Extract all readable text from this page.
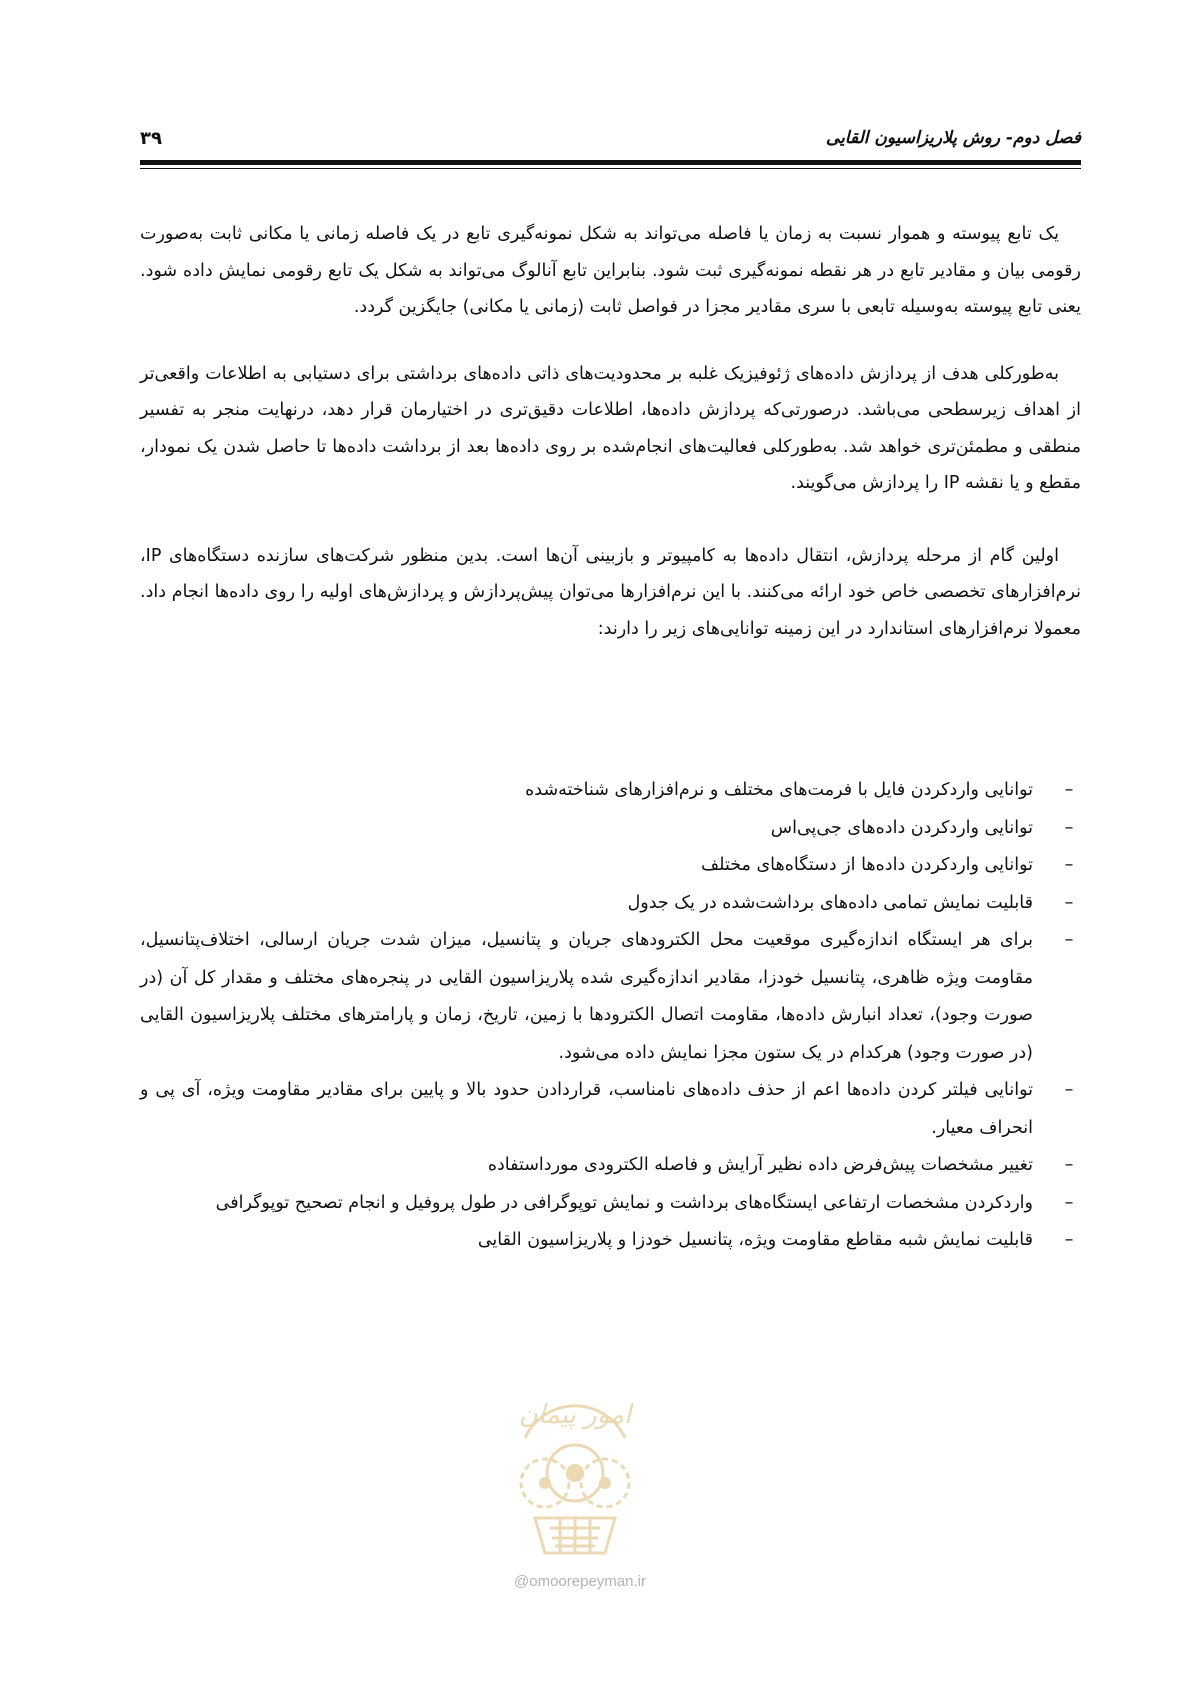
فصل دوم- روش پلاریزاسیون القایی
۳۹

یک تابع پیوسته و هموار نسبت به زمان یا فاصله می‌تواند به شکل نمونه‌گیری تابع در یک فاصله زمانی یا مکانی ثابت به‌صورت رقومی بیان و مقادیر تابع در هر نقطه نمونه‌گیری ثبت شود. بنابراین تابع آنالوگ می‌تواند به شکل یک تابع رقومی نمایش داده شود. یعنی تابع پیوسته به‌وسیله تابعی با سری مقادیر مجزا در فواصل ثابت (زمانی یا مکانی) جایگزین گردد.

به‌طورکلی هدف از پردازش داده‌های ژئوفیزیک غلبه بر محدودیت‌های ذاتی داده‌های برداشتی برای دستیابی به اطلاعات واقعی‌تر از اهداف زیرسطحی می‌باشد. درصورتی‌که پردازش داده‌ها، اطلاعات دقیق‌تری در اختیارمان قرار دهد، درنهایت منجر به تفسیر منطقی و مطمئن‌تری خواهد شد. به‌طورکلی فعالیت‌های انجام‌شده بر روی داده‌ها بعد از برداشت داده‌ها تا حاصل شدن یک نمودار، مقطع و یا نقشه IP را پردازش می‌گویند.

اولین گام از مرحله پردازش، انتقال داده‌ها به کامپیوتر و بازبینی آن‌ها است. بدین منظور شرکت‌های سازنده دستگاه‌های IP، نرم‌افزارهای تخصصی خاص خود ارائه می‌کنند. با این نرم‌افزارها می‌توان پیش‌پردازش و پردازش‌های اولیه را روی داده‌ها انجام داد. معمولا نرم‌افزارهای استاندارد در این زمینه توانایی‌های زیر را دارند:

–
توانایی واردکردن فایل با فرمت‌های مختلف و نرم‌افزارهای شناخته‌شده
–
توانایی واردکردن داده‌های جی‌پی‌اس
–
توانایی واردکردن داده‌ها از دستگاه‌های مختلف
–
قابلیت نمایش تمامی داده‌های برداشت‌شده در یک جدول
–
برای هر ایستگاه اندازه‌گیری موقعیت محل الکترودهای جریان و پتانسیل، میزان شدت جریان ارسالی، اختلاف‌پتانسیل، مقاومت ویژه ظاهری، پتانسیل خودزا، مقادیر اندازه‌گیری شده پلاریزاسیون القایی در پنجره‌های مختلف و مقدار کل آن (در صورت وجود)، تعداد انبارش داده‌ها، مقاومت اتصال الکترودها با زمین، تاریخ، زمان و پارامترهای مختلف پلاریزاسیون القایی (در صورت وجود) هرکدام در یک ستون مجزا نمایش داده می‌شود.
–
توانایی فیلتر کردن داده‌ها اعم از حذف داده‌های نامناسب، قراردادن حدود بالا و پایین برای مقادیر مقاومت ویژه، آی پی و انحراف معیار.
–
تغییر مشخصات پیش‌فرض داده نظیر آرایش و فاصله الکترودی مورداستفاده
–
واردکردن مشخصات ارتفاعی ایستگاه‌های برداشت و نمایش توپوگرافی در طول پروفیل و انجام تصحیح توپوگرافی
–
قابلیت نمایش شبه مقاطع مقاومت ویژه، پتانسیل خودزا و پلاریزاسیون القایی
امور پیمان
@omoorepeyman.ir
